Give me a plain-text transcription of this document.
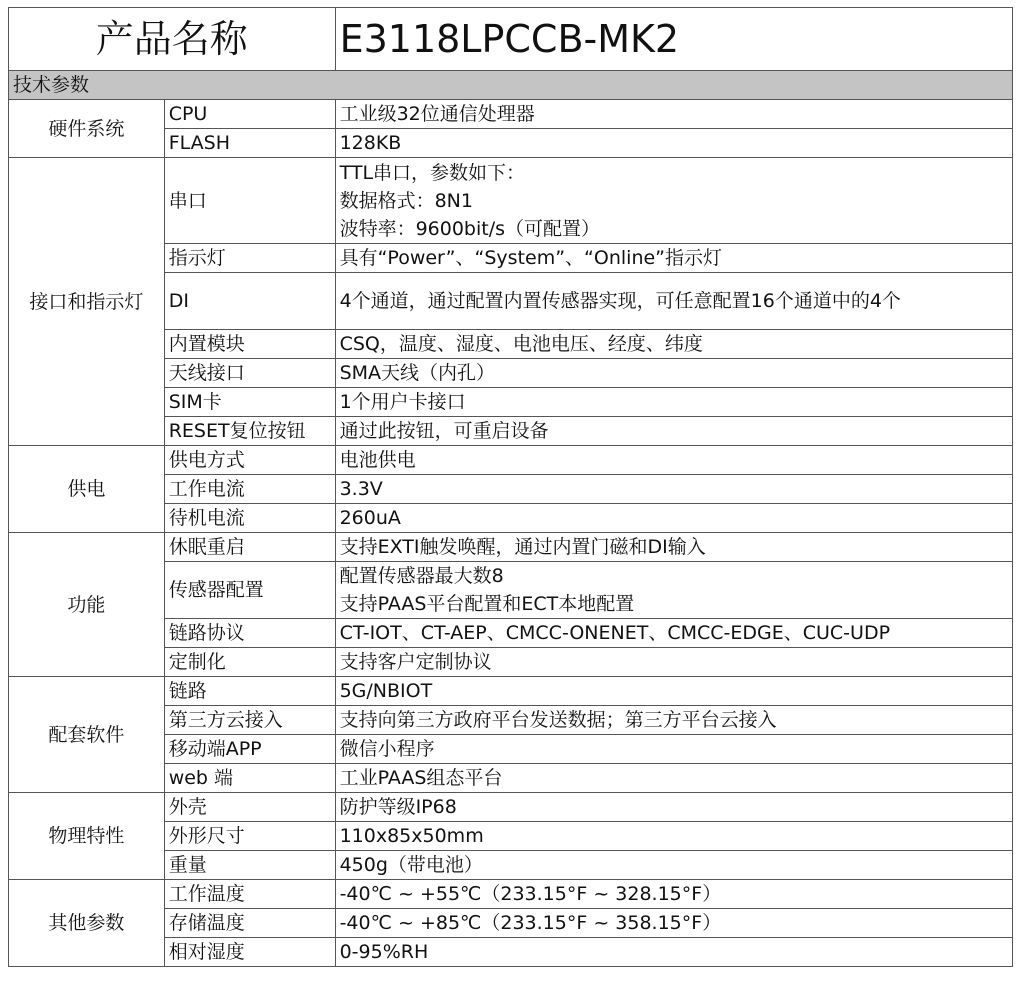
产品名称		E3118LPCCB-MK2
技术参数		
硬件系统	CPU	工业级32位通信处理器
	FLASH	128KB
接口和指示灯	串口	TTL串口，参数如下：
数据格式：8N1
波特率：9600bit/s（可配置）

	指示灯	具有“Power”、“System”、“Online”指示灯
	DI	4个通道，通过配置内置传感器实现，可任意配置16个通道中的4个
	内置模块	CSQ，温度、湿度、电池电压、经度、纬度
	天线接口	SMA天线（内孔）
	SIM卡	1个用户卡接口
	RESET复位按钮	通过此按钮，可重启设备
供电	供电方式	电池供电
	工作电流	3.3V
	待机电流	260uA
功能	休眠重启	支持EXTI触发唤醒，通过内置门磁和DI输入
	传感器配置	配置传感器最大数8
支持PAAS平台配置和ECT本地配置

	链路协议	CT-IOT、CT-AEP、CMCC-ONENET、CMCC-EDGE、CUC-UDP
	定制化	支持客户定制协议
配套软件	链路	5G/NBIOT
	第三方云接入	支持向第三方政府平台发送数据；第三方平台云接入
	移动端APP	微信小程序
	web 端	工业PAAS组态平台
物理特性	外壳	防护等级IP68
	外形尺寸	110x85x50mm
	重量	450g（带电池）
其他参数	工作温度	-40℃ ~ +55℃（233.15°F ~ 328.15°F）
	存储温度	-40℃ ~ +85℃（233.15°F ~ 358.15°F）
	相对湿度	0-95%RH
